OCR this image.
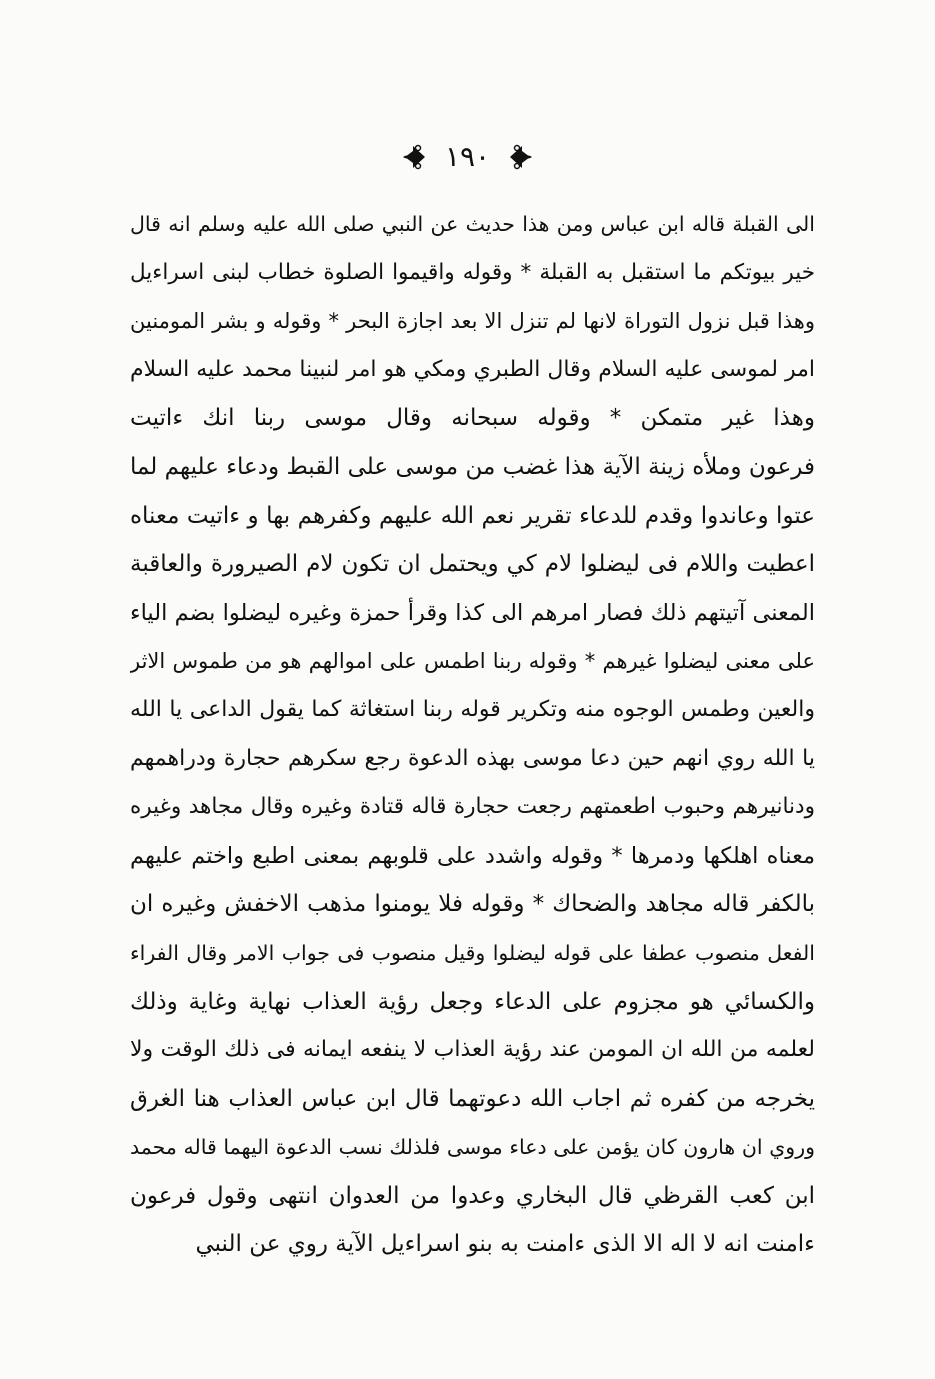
١٩٠
الى القبلة قاله ابن عباس ومن هذا حديث عن النبي صلى الله عليه وسلم انه قال
خير بيوتكم ما استقبل به القبلة * وقوله واقيموا الصلوة خطاب لبنى اسرا‌ءيل
وهذا قبل نزول التوراة لانها لم تنزل الا بعد اجازة البحر * وقوله و بشر المومنين
امر لموسى عليه السلام وقال الطبري ومكي هو امر لنبينا محمد عليه السلام
وهذا غير متمكن * وقوله سبحانه وقال موسى ربنا انك ءاتيت
فرعون وملأه زينة الآية هذا غضب من موسى على القبط ودعاء عليهم لما
عتوا وعاندوا وقدم للدعاء تقرير نعم الله عليهم وكفرهم بها و ءاتيت معناه
اعطيت واللام فى ليضلوا لام كي ويحتمل ان تكون لام الصيرورة والعاقبة
المعنى آتيتهم ذلك فصار امرهم الى كذا وقرأ حمزة وغيره ليضلوا بضم الياء
على معنى ليضلوا غيرهم * وقوله ربنا اطمس على اموالهم هو من طموس الاثر
والعين وطمس الوجوه منه وتكرير قوله ربنا استغاثة كما يقول الداعى يا الله
يا الله روي انهم حين دعا موسى بهذه الدعوة رجع سكرهم حجارة ودراهمهم
ودنانيرهم وحبوب اطعمتهم رجعت حجارة قاله قتادة وغيره وقال مجاهد وغيره
معناه اهلكها ودمرها * وقوله واشدد على قلوبهم بمعنى اطبع واختم عليهم
بالكفر قاله مجاهد والضحاك * وقوله فلا يومنوا مذهب الاخفش وغيره ان
الفعل منصوب عطفا على قوله ليضلوا وقيل منصوب فى جواب الامر وقال الفراء
والكسائي هو مجزوم على الدعاء وجعل رؤية العذاب نهاية وغاية وذلك
لعلمه من الله ان المومن عند رؤية العذاب لا ينفعه ايمانه فى ذلك الوقت ولا
يخرجه من كفره ثم اجاب الله دعوتهما قال ابن عباس العذاب هنا الغرق
وروي ان هارون كان يؤمن على دعاء موسى فلذلك نسب الدعوة اليهما قاله محمد
ابن كعب القرظي قال البخاري وعدوا من العدوان انتهى وقول فرعون
ءامنت انه لا اله الا الذى ءامنت به بنو اسرا‌ءيل الآية روي عن النبي
